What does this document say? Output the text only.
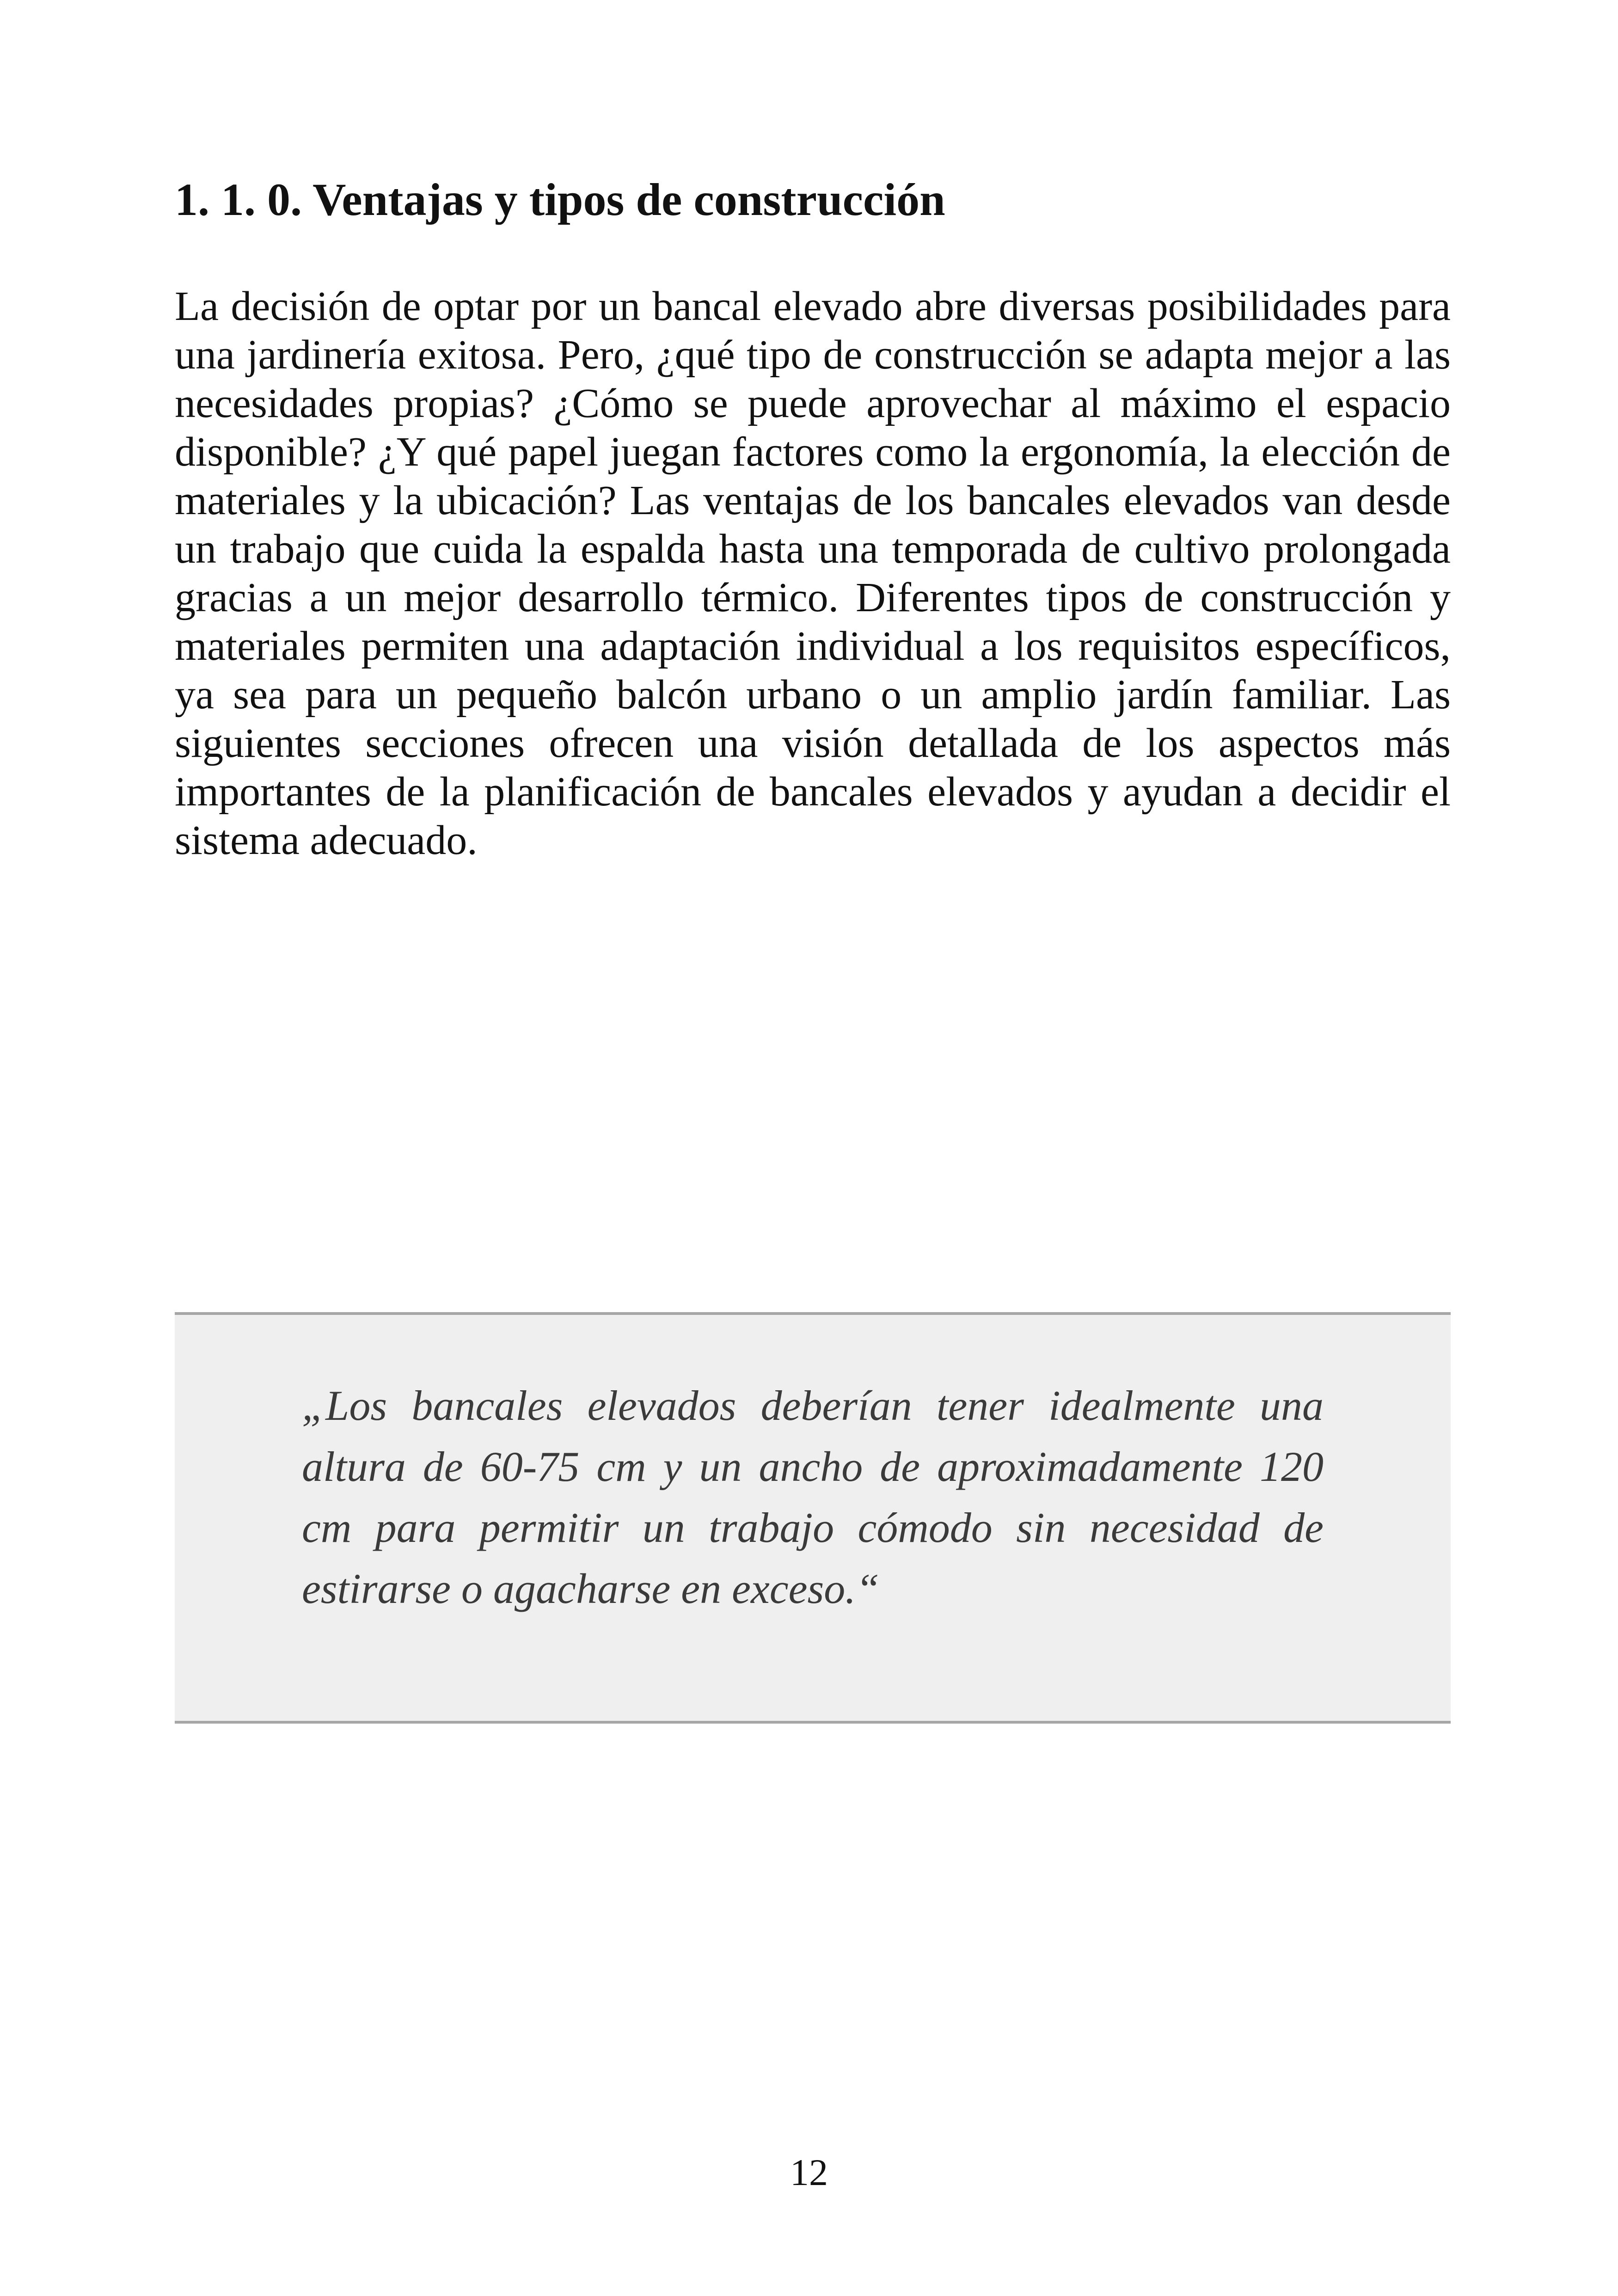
1. 1. 0. Ventajas y tipos de construcción

La decisión de optar por un bancal elevado abre diversas posibilidades para una jardinería exitosa. Pero, ¿qué tipo de construcción se adapta mejor a las necesidades propias? ¿Cómo se puede aprovechar al máximo el espacio disponible? ¿Y qué papel juegan factores como la ergonomía, la elección de materiales y la ubicación? Las ventajas de los bancales elevados van desde un trabajo que cuida la espalda hasta una temporada de cultivo prolongada gracias a un mejor desarrollo térmico. Diferentes tipos de construcción y materiales permiten una adaptación individual a los requisitos específicos, ya sea para un pequeño balcón urbano o un amplio jardín familiar. Las siguientes secciones ofrecen una visión detallada de los aspectos más importantes de la planificación de bancales elevados y ayudan a decidir el sistema adecuado.

„Los bancales elevados deberían tener idealmente una altura de 60-75 cm y un ancho de aproximadamente 120 cm para permitir un trabajo cómodo sin necesidad de estirarse o agacharse en exceso.“

12
